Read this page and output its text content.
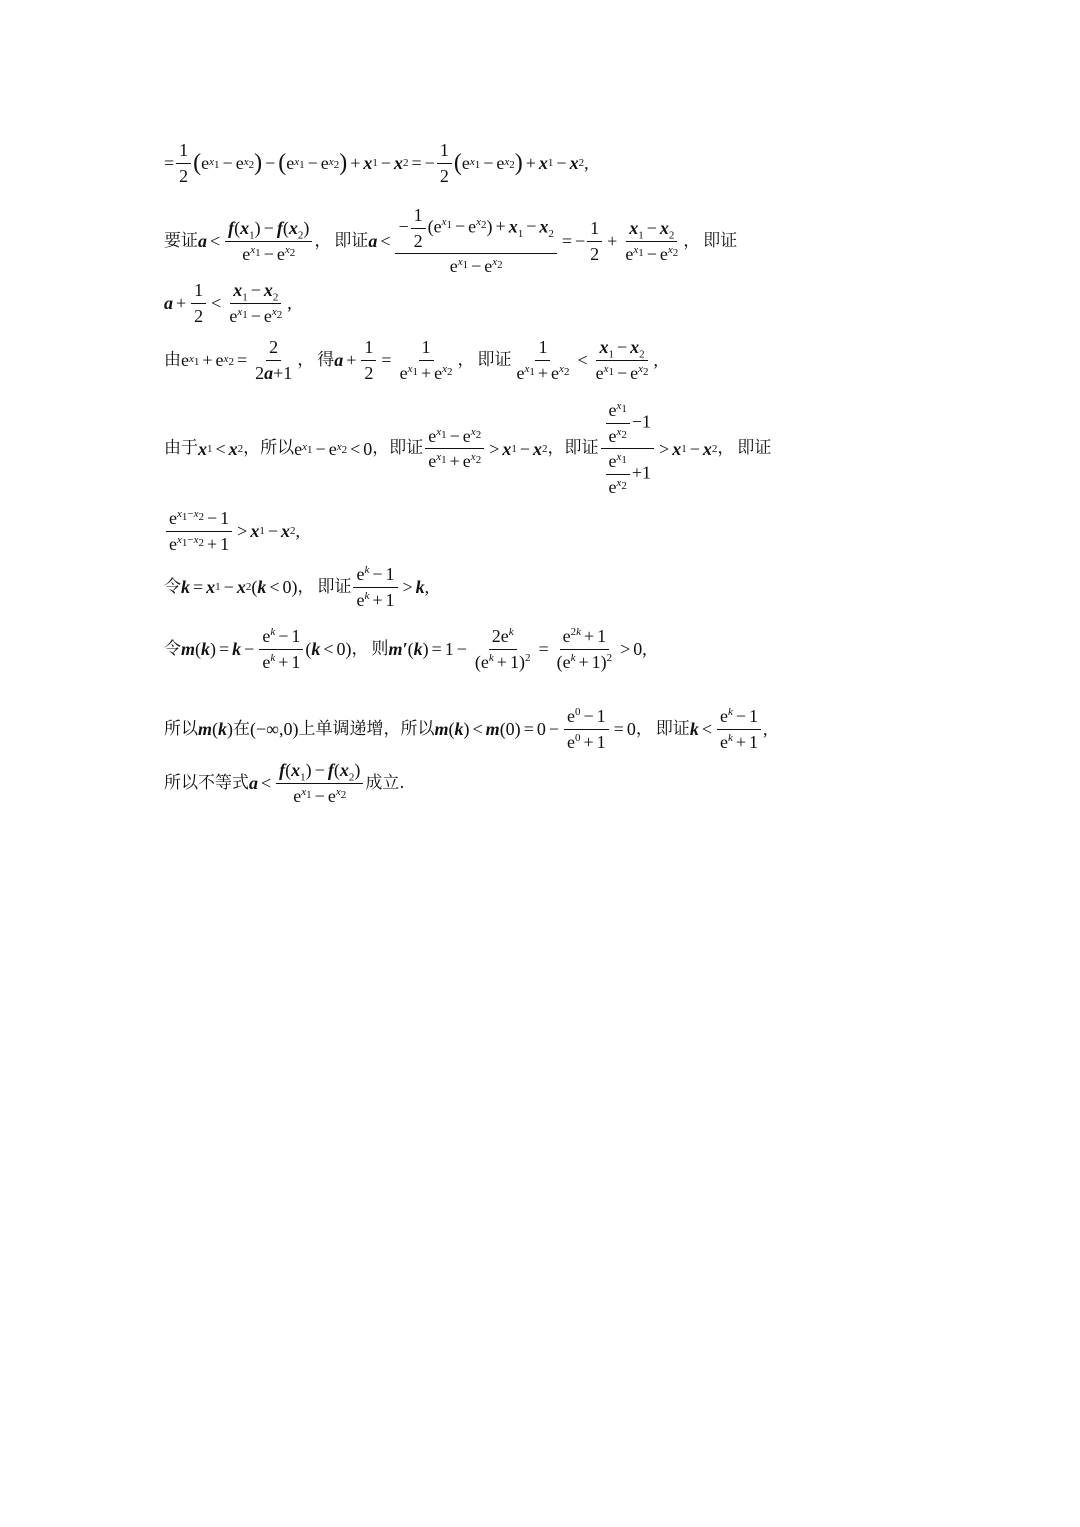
= $\frac{1}{2}$ ( e $x_1 - e$ $x_2$ ) − ( e $x_1 - e$ $x_2$ ) + x 1 − x 2 = − $\frac{1}{2}$ ( e $x_1 - e$ $x_2$ ) + x 1 − x 2 ,
要证 $a < \frac{f(x_1) - f(x_2)}{e^{x_1} - e^{x_2}}$ ， 即证 $a < \frac{- \frac{1}{2} (e^{x_1} - e^{x_2}) + x_1 - x_2}{e^{x_1} - e^{x_2}}$ = − $\frac{1}{2} + \frac{x_1 - x_2}{e^{x_1} - e^{x_2}}$ ， 即证
$a + \frac{1}{2} < \frac{x_1 - x_2}{e^{x_1} - e^{x_2}}$ ,
由 e $x_1 + e$ $x_2 = \frac{2}{2a+1}$ ， 得 $a + \frac{1}{2} = \frac{1}{e^{x_1} + e^{x_2}}$ ， 即证 $\frac{1}{e^{x_1} + e^{x_2}} < \frac{x_1 - x_2}{e^{x_1} - e^{x_2}}$ ,
由于 x 1 < x 2 ， 所以 e $x_1 - e$ $x_2 < 0$ ， 即证 $\frac{e^{x_1} - e^{x_2}}{e^{x_1} + e^{x_2}} > x$ 1 − x 2 ， 即证 $\frac{\frac{e^{x_1}}{e^{x_2}} -1}{\frac{e^{x_1}}{e^{x_2}} +1} > x$ 1 − x 2 ， 即证
$\frac{e^{x_1-x_2} - 1}{e^{x_1-x_2} + 1} > x$ 1 − x 2 ,
令 k = x 1 − x 2 ( k < 0) ， 即证 $\frac{e^k - 1}{e^k + 1} > k$ ,
令 m ( k ) = $k - \frac{e^k - 1}{e^k + 1}$ ( k < 0) ， 则 m′ ( k ) = $1 - \frac{2e^k}{(e^k + 1)^2} = \frac{e^{2k} + 1}{(e^k + 1)^2} > 0$,
所以 m ( k ) 在 (−∞,0) 上单调递增 ， 所以 m ( k ) < m $(0) = 0 - \frac{e^0 - 1}{e^0 + 1} = 0$ ， 即证 $k < \frac{e^k - 1}{e^k + 1}$ ,
所以不等式 $a < \frac{f(x_1) - f(x_2)}{e^{x_1} - e^{x_2}}$ 成立.
